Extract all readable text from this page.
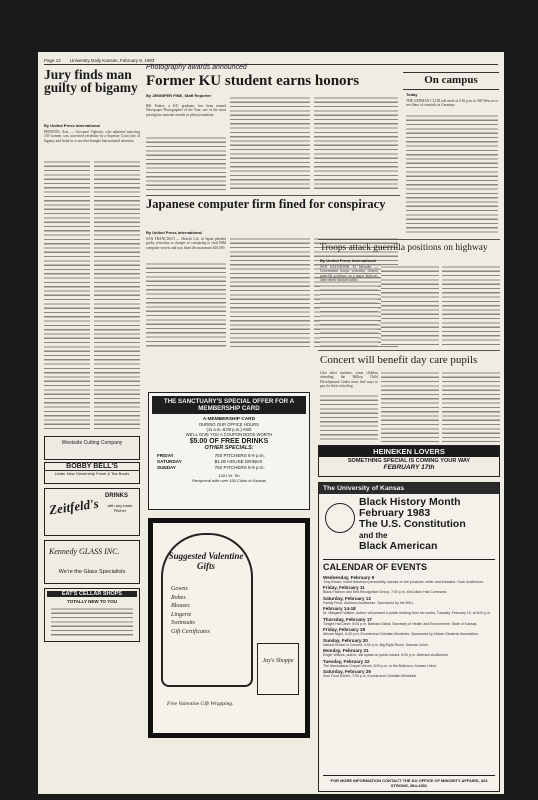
Page 12 University Daily Kansan, February 8, 1983
Jury finds man guilty of bigamy
By United Press International
PHOENIX, Ariz. — Giovanni Vigliotto, who admitted marrying 105 women, was convicted yesterday by a Superior Court jury of bigamy and fraud in a case that brought him national attention.
Photography awards announced
Former KU student earns honors
By JENNIFER FINE, Staff Reporter
Bill Frakes, a KU graduate, has been named Newspaper Photographer of the Year, one of the most prestigious national awards in photojournalism.
On campus
Today
THE GERMAN CLUB will meet at 4:30 p.m. in 400 Wescoe to see films of carnivals in Germany.
Japanese computer firm fined for conspiracy
By United Press International
SAN FRANCISCO — Hitachi Ltd. of Japan pleaded guilty yesterday to charges of conspiring to steal IBM computer secrets and was fined the maximum $10,000.	Troops attack guerrilla positions on highway
By United Press International
SAN SALVADOR, El Salvador — Government troops yesterday cleared guerrilla positions on a major highway after rebels blocked traffic.
Concert will benefit day care pupils
Like other students, some children attending the Hilltop Child Development Center must find ways to pay for their schooling.
THE SANCTUARY'S SPECIAL OFFER FOR A MEMBERSHIP CARD
A MEMBERSHIP CARD
DURING OUR OFFICE HOURS
(11 a.m.-6:00 p.m.) AND
WE'LL GIVE YOU A COUPON BOOK WORTH
$5.00 OF FREE DRINKS
OTHER SPECIALS:
FRIDAY
SATURDAY
SUNDAY
75¢ PITCHERS 6-9 p.m.
$1.00 HOUSE DRINKS
75¢ PITCHERS 5-9 p.m.
1401 W. 7th
Reciprocal with over 150 Clubs in Kansas
Suggested Valentine Gifts
Gowns
Robes
Blouses
Lingerie
Swimsuits
Gift Certificates
Jay's Shoppe
Free Valentine Gift Wrapping.
Westside Cutting Company
BOBBY BELL'S
Under New Ownership Fresh & Tea Bowls
Zeitfeld's DRINKS
with any basic Pitcher
Kennedy GLASS INC.
We're the Glass Specialists
EAT'S CELLAR SHOPS
TOTALLY NEW TO YOU
HEINEKEN LOVERS
SOMETHING SPECIAL IS COMING YOUR WAY
FEBRUARY 17th
The University of Kansas
Black History Month
February 1983
The U.S. Constitution
and the
Black American
CALENDAR OF EVENTS
Wednesday, February 9
Tony Brown, noted television personality, speaks on the producer, writer and educator. Hoch Auditorium.
Friday, February 11
Black Fashion and Self-Recognition Group, 7:00 p.m. McCollum Hall Commons.
Saturday, February 12
Family Feud, Alderson Auditorium. Sponsored by the BSU.
February 14-18
Dr. Margaret Walker, author, will present a public reading from her works, Tuesday, February 15, at 8:00 p.m.
Thursday, February 17
Tonight Hal Cleve, 8:00 p.m. Barbara Sabol, Secretary of Health and Environment, State of Kansas.
Friday, February 18
African Night, 6:30 p.m. Ecumenical Christian Ministries. Sponsored by African Students Association.
Sunday, February 20
Natural Brown in Concert, 3:00 p.m. Big Eight Room, Kansas Union.
Monday, February 21
Roger Wilkins, author, will speak on public issues, 8:00 p.m. Alderson Auditorium.
Tuesday, February 22
The Manhattans Gospel Voices, 8:00 p.m. in the Ballroom, Kansas Union.
Saturday, February 26
Soul Food Dinner, 7:00 p.m. Ecumenical Christian Ministries.
FOR MORE INFORMATION CONTACT THE KU OFFICE OF MINORITY AFFAIRS, 324 STRONG, 864-4351
